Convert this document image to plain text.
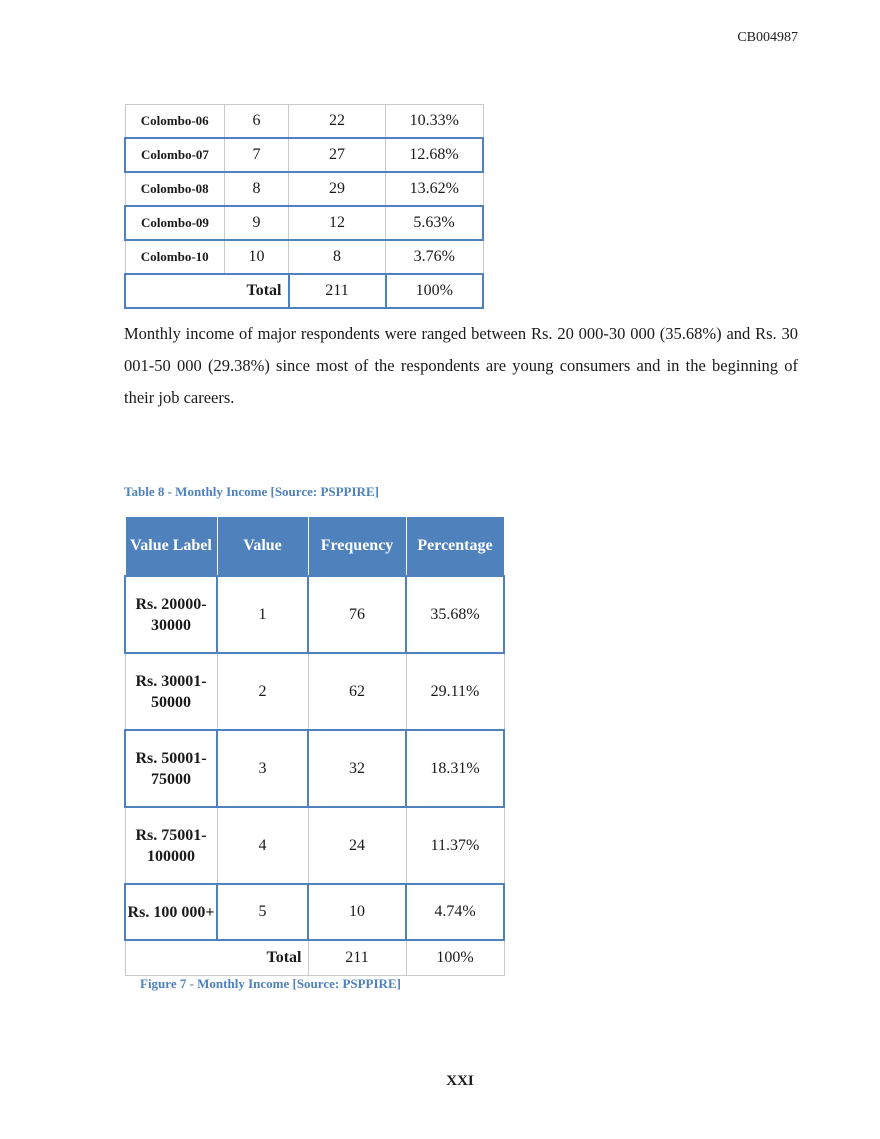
CB004987
Colombo-06	6	22	10.33%
Colombo-07	7	27	12.68%
Colombo-08	8	29	13.62%
Colombo-09	9	12	5.63%
Colombo-10	10	8	3.76%
Total		211	100%

Monthly income of major respondents were ranged between Rs. 20 000-30 000 (35.68%) and Rs. 30 001-50 000 (29.38%) since most of the respondents are young consumers and in the beginning of their job careers.

Table 8 - Monthly Income [Source: PSPPIRE]
Value Label	Value	Frequency	Percentage
Rs. 20000-30000	1	76	35.68%
Rs. 30001-50000	2	62	29.11%
Rs. 50001-75000	3	32	18.31%
Rs. 75001-100000	4	24	11.37%
Rs. 100 000+	5	10	4.74%
Total		211	100%
Figure 7 - Monthly Income [Source: PSPPIRE]
XXI
